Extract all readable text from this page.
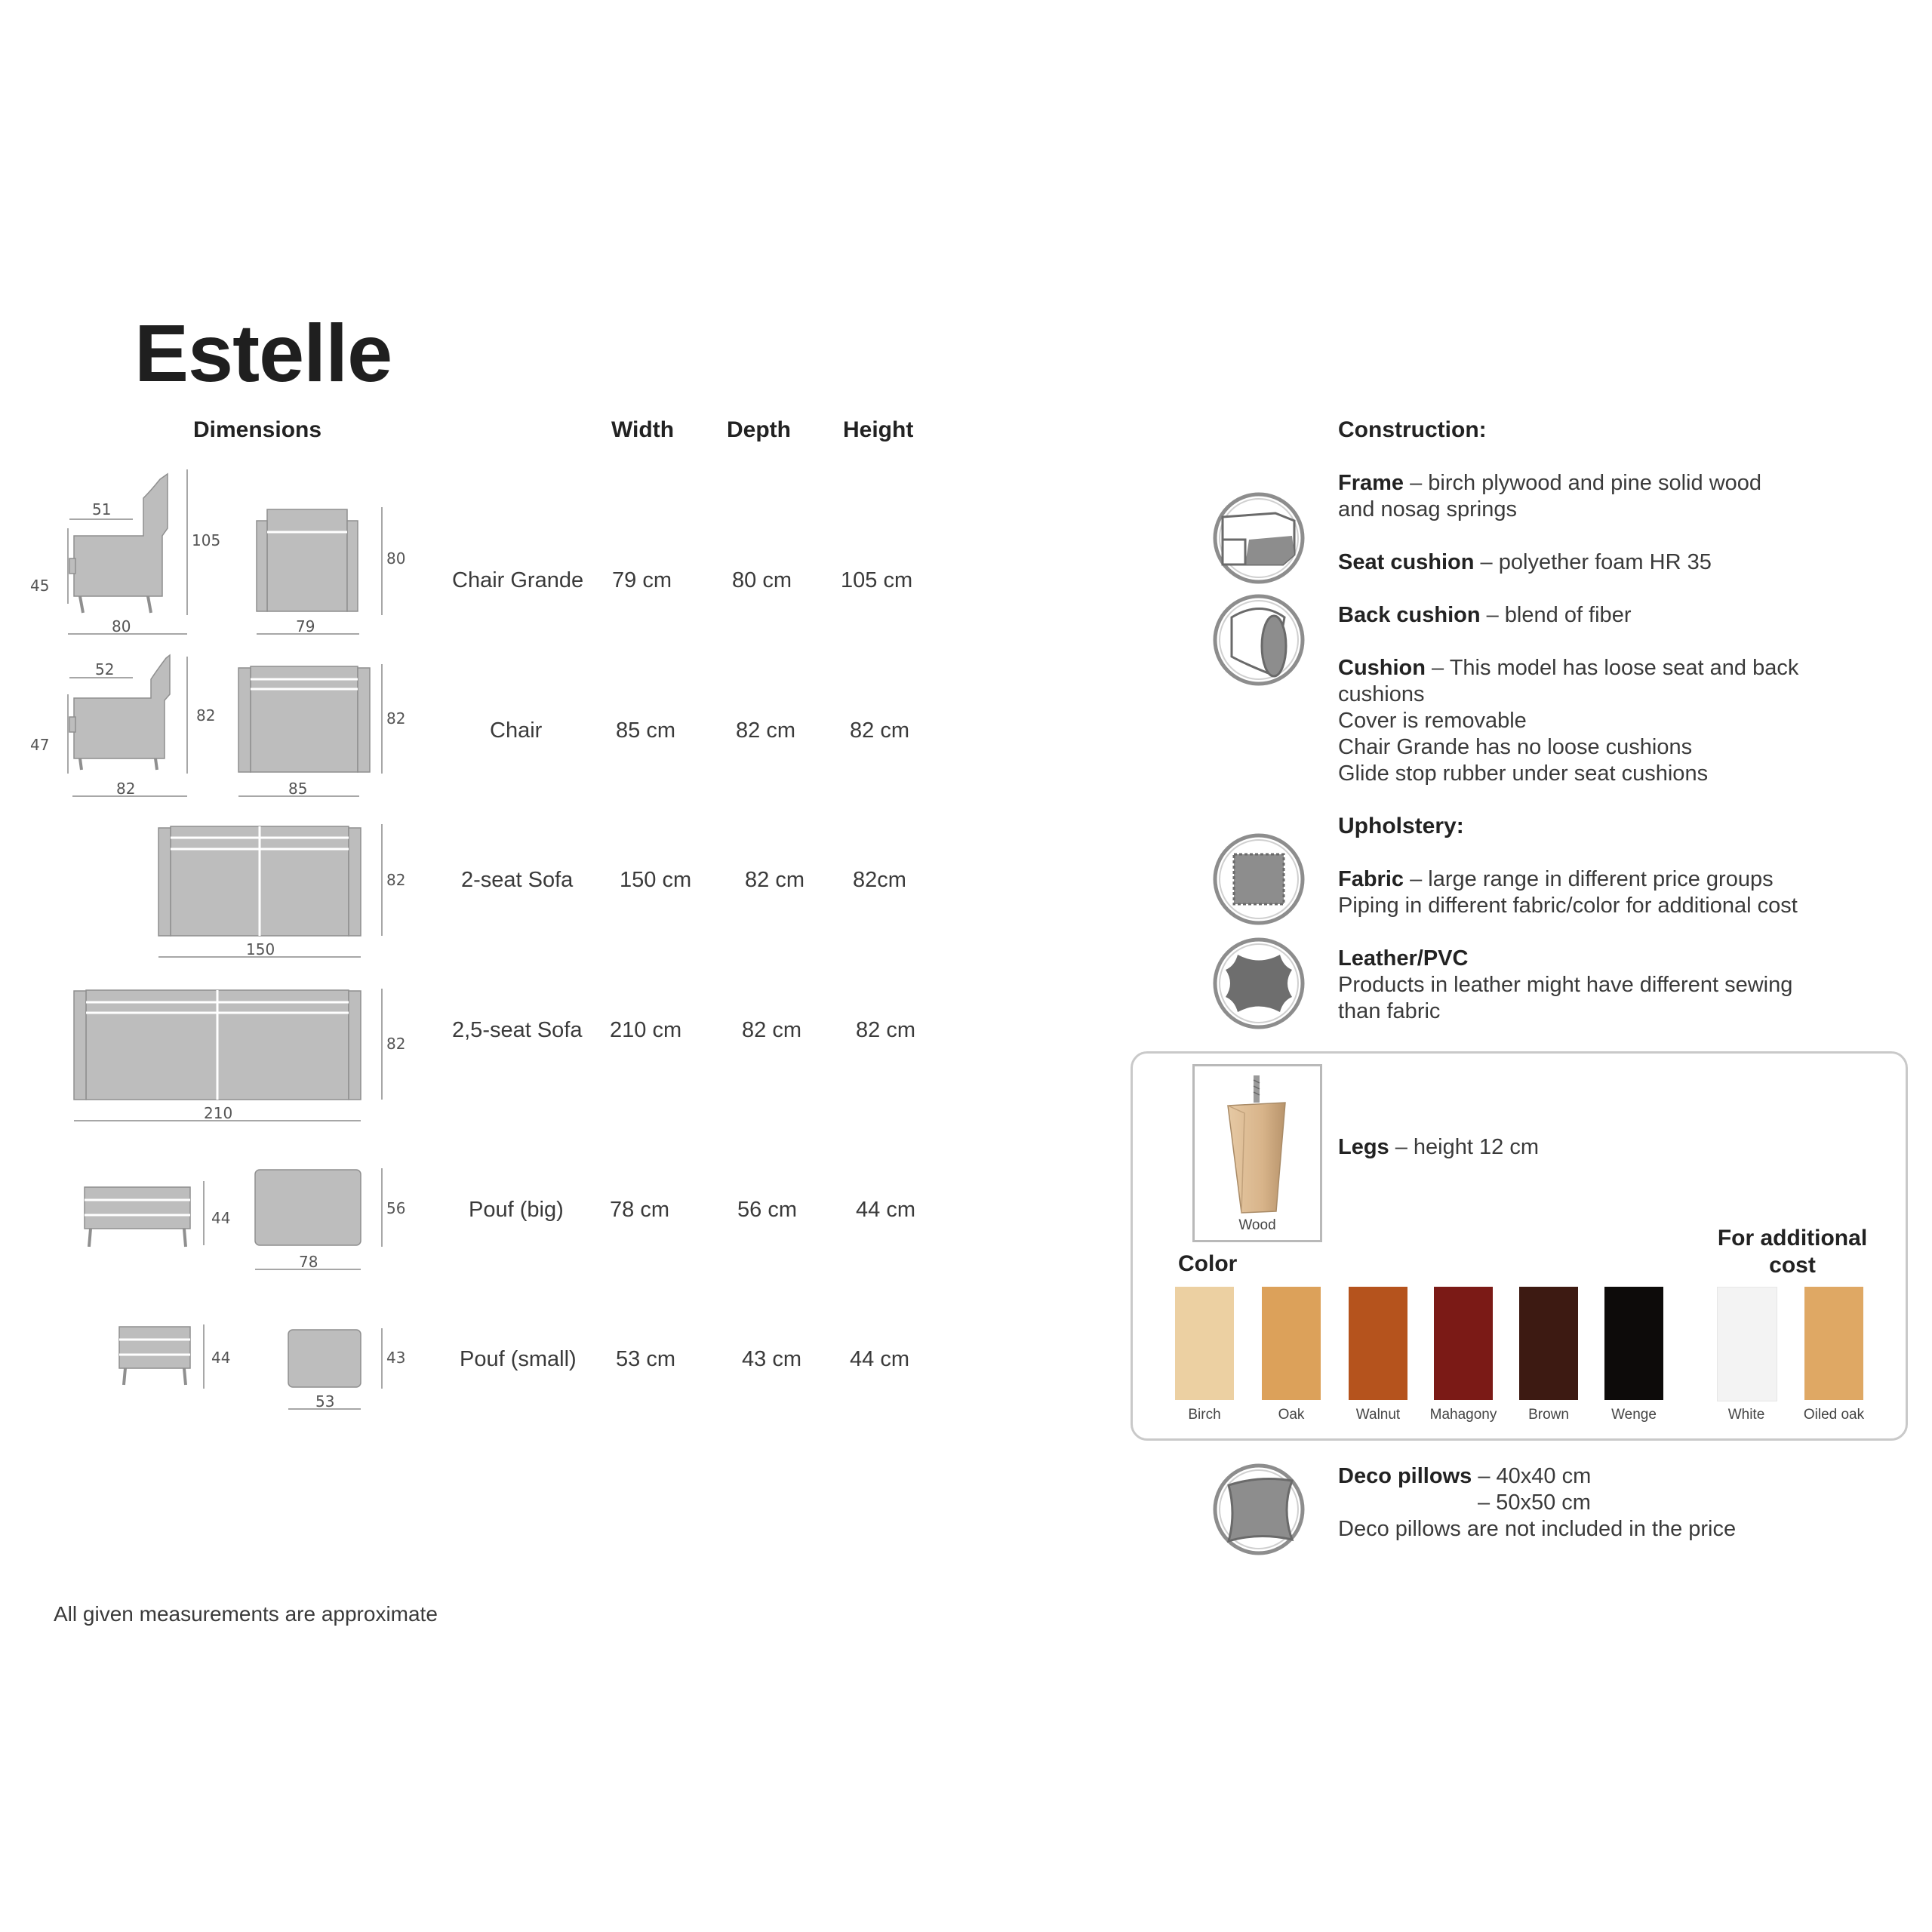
Estelle
Dimensions	Width Depth Height
51
45
105
80
80
79
52
47
82
82
82
85
82
150
82
210
44
56
78
44	43
53
Chair Grande 79 cm	80 cm 105 cm
Chair	85 cm	82 cm 82 cm
2-seat Sofa 150 cm 82 cm 82cm
2,5-seat Sofa 210 cm	82 cm 82 cm
Pouf (big) 78 cm	56 cm	44 cm
Pouf (small) 53 cm	43 cm 44 cm
All given measurements are approximate
Construction:
Frame – birch plywood and pine solid wood
and nosag springs
Seat cushion – polyether foam HR 35
Back cushion – blend of fiber
Cushion – This model has loose seat and back
cushions
Cover is removable
Chair Grande has no loose cushions
Glide stop rubber under seat cushions
Upholstery:
Fabric – large range in different price groups
Piping in different fabric/color for additional cost
Leather/PVC
Products in leather might have different sewing
than fabric
Wood
Legs – height 12 cm
Color
For additional
cost
Birch	Oak	Walnut	Mahagony	Brown	Wenge	White	Oiled oak
Deco pillows – 40x40 cm
– 50x50 cm
Deco pillows are not included in the price
